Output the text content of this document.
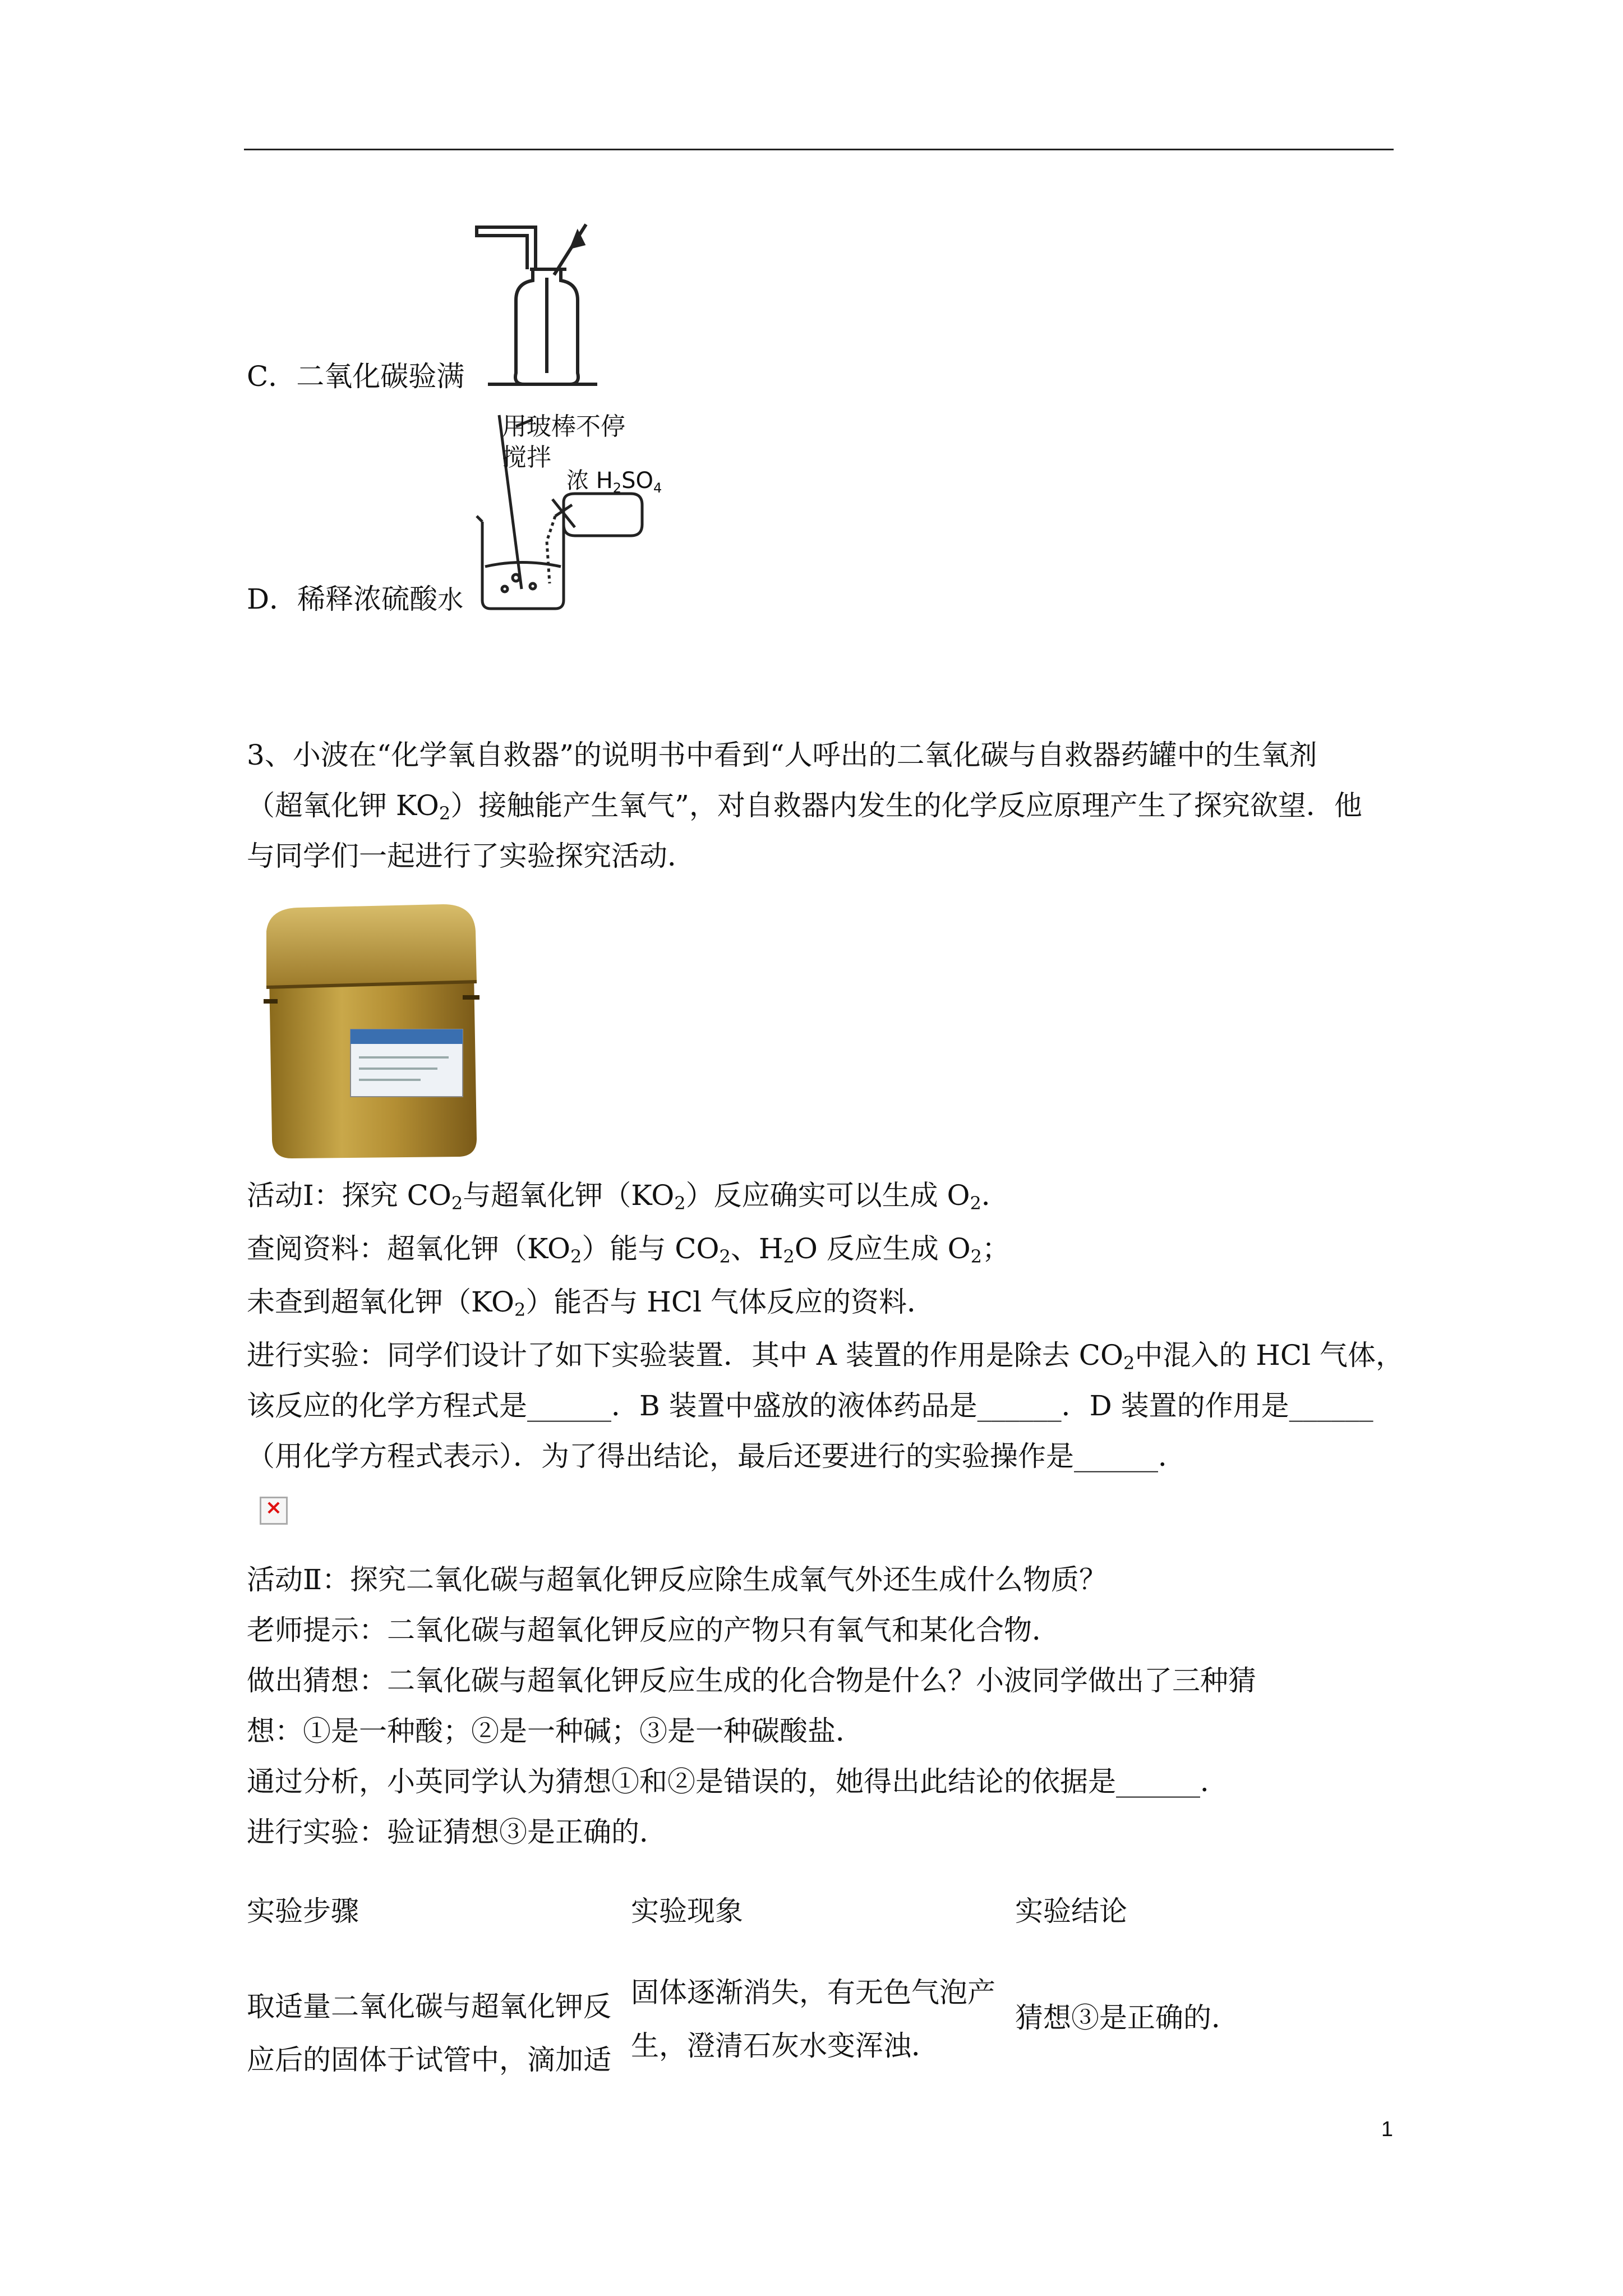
C．二氧化碳验满
用玻棒不停
搅拌
浓 $H_2SO_4$
D．稀释浓硫酸水
3、小波在“化学氧自救器”的说明书中看到“人呼出的二氧化碳与自救器药罐中的生氧剂
（超氧化钾 $KO_2$）接触能产生氧气”，对自救器内发生的化学反应原理产生了探究欲望．他
与同学们一起进行了实验探究活动．
活动Ⅰ：探究 $CO_2$与超氧化钾$(KO_2)$反应确实可以生成 $O_2$．
查阅资料：超氧化钾$(KO_2)$能与 $CO_2$、$H_2O$ 反应生成 $O_2$；
未查到超氧化钾$(KO_2)$能否与 HCl 气体反应的资料．
进行实验：同学们设计了如下实验装置．其中 A 装置的作用是除去 $CO_2$中混入的 HCl 气体，
该反应的化学方程式是______．B 装置中盛放的液体药品是______．D 装置的作用是______
（用化学方程式表示）．为了得出结论，最后还要进行的实验操作是______．
×
活动Ⅱ：探究二氧化碳与超氧化钾反应除生成氧气外还生成什么物质？
老师提示：二氧化碳与超氧化钾反应的产物只有氧气和某化合物．
做出猜想：二氧化碳与超氧化钾反应生成的化合物是什么？小波同学做出了三种猜
想：①是一种酸；②是一种碱；③是一种碳酸盐．
通过分析，小英同学认为猜想①和②是错误的，她得出此结论的依据是______．
进行实验：验证猜想③是正确的．
实验步骤	实验现象	实验结论
取适量二氧化碳与超氧化钾反
应后的固体于试管中，滴加适
固体逐渐消失，有无色气泡产
生，澄清石灰水变浑浊．
猜想③是正确的．
1
